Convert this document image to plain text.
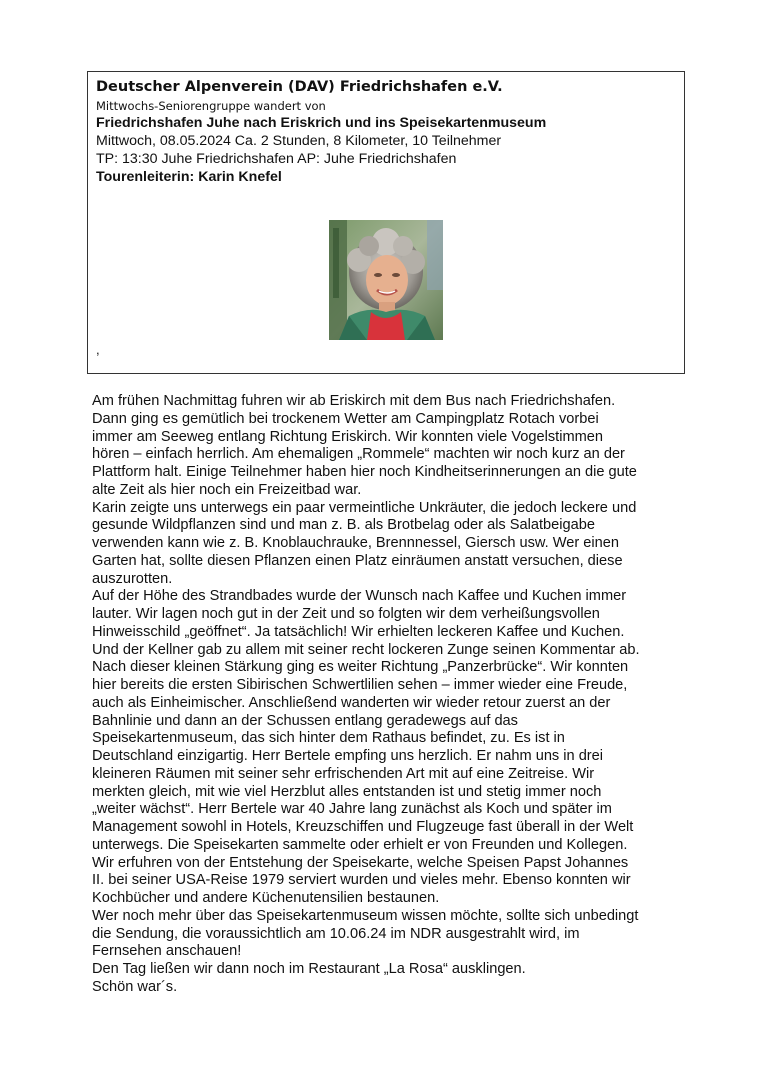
Deutscher Alpenverein (DAV) Friedrichshafen e.V.
Mittwochs-Seniorengruppe wandert von
Friedrichshafen Juhe nach Eriskrich und ins Speisekartenmuseum
Mittwoch, 08.05.2024 Ca. 2 Stunden, 8 Kilometer, 10 Teilnehmer
TP: 13:30 Juhe Friedrichshafen AP: Juhe Friedrichshafen
Tourenleiterin: Karin Knefel
,
Am frühen Nachmittag fuhren wir ab Eriskirch mit dem Bus nach Friedrichshafen.
Dann ging es gemütlich bei trockenem Wetter am Campingplatz Rotach vorbei
immer am Seeweg entlang Richtung Eriskirch. Wir konnten viele Vogelstimmen
hören – einfach herrlich. Am ehemaligen „Rommele“ machten wir noch kurz an der
Plattform halt. Einige Teilnehmer haben hier noch Kindheitserinnerungen an die gute
alte Zeit als hier noch ein Freizeitbad war.
Karin zeigte uns unterwegs ein paar vermeintliche Unkräuter, die jedoch leckere und
gesunde Wildpflanzen sind und man z. B. als Brotbelag oder als Salatbeigabe
verwenden kann wie z. B. Knoblauchrauke, Brennnessel, Giersch usw. Wer einen
Garten hat, sollte diesen Pflanzen einen Platz einräumen anstatt versuchen, diese
auszurotten.
Auf der Höhe des Strandbades wurde der Wunsch nach Kaffee und Kuchen immer
lauter. Wir lagen noch gut in der Zeit und so folgten wir dem verheißungsvollen
Hinweisschild „geöffnet“. Ja tatsächlich! Wir erhielten leckeren Kaffee und Kuchen.
Und der Kellner gab zu allem mit seiner recht lockeren Zunge seinen Kommentar ab.
Nach dieser kleinen Stärkung ging es weiter Richtung „Panzerbrücke“. Wir konnten
hier bereits die ersten Sibirischen Schwertlilien sehen – immer wieder eine Freude,
auch als Einheimischer. Anschließend wanderten wir wieder retour zuerst an der
Bahnlinie und dann an der Schussen entlang geradewegs auf das
Speisekartenmuseum, das sich hinter dem Rathaus befindet, zu. Es ist in
Deutschland einzigartig. Herr Bertele empfing uns herzlich. Er nahm uns in drei
kleineren Räumen mit seiner sehr erfrischenden Art mit auf eine Zeitreise. Wir
merkten gleich, mit wie viel Herzblut alles entstanden ist und stetig immer noch
„weiter wächst“. Herr Bertele war 40 Jahre lang zunächst als Koch und später im
Management sowohl in Hotels, Kreuzschiffen und Flugzeuge fast überall in der Welt
unterwegs. Die Speisekarten sammelte oder erhielt er von Freunden und Kollegen.
Wir erfuhren von der Entstehung der Speisekarte, welche Speisen Papst Johannes
II. bei seiner USA-Reise 1979 serviert wurden und vieles mehr. Ebenso konnten wir
Kochbücher und andere Küchenutensilien bestaunen.
Wer noch mehr über das Speisekartenmuseum wissen möchte, sollte sich unbedingt
die Sendung, die voraussichtlich am 10.06.24 im NDR ausgestrahlt wird, im
Fernsehen anschauen!
Den Tag ließen wir dann noch im Restaurant „La Rosa“ ausklingen.
Schön war´s.
